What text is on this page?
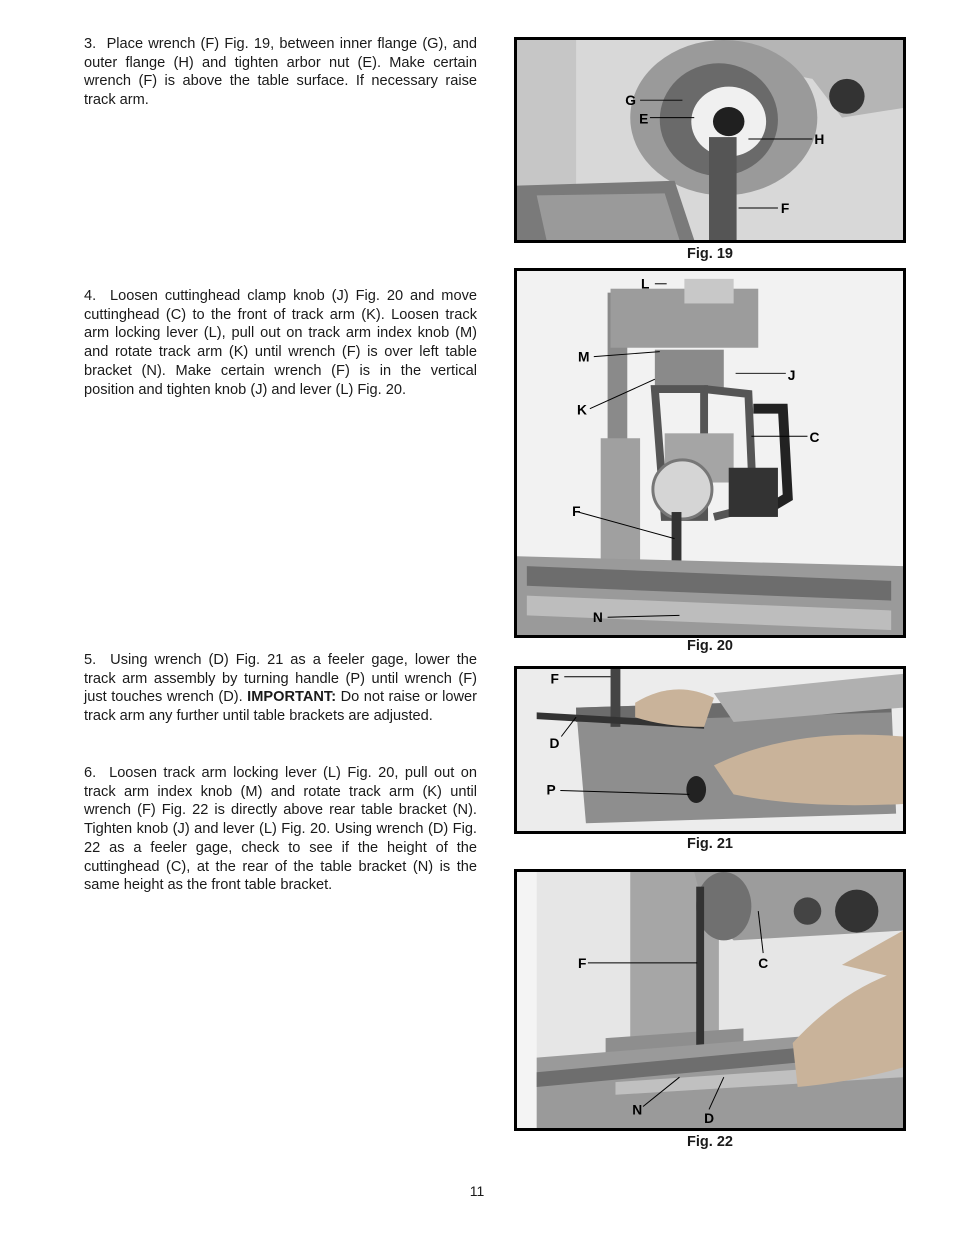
3.  Place wrench (F) Fig. 19, between inner flange (G), and outer flange (H) and tighten arbor nut (E). Make certain wrench (F) is above the table surface. If necessary raise track arm.

4.  Loosen cuttinghead clamp knob (J) Fig. 20 and move cuttinghead (C) to the front of track arm (K). Loosen track arm locking lever (L), pull out on track arm index knob (M) and rotate track arm (K) until wrench (F) is over left table bracket (N). Make certain wrench (F) is in the vertical position and tighten knob (J) and lever (L) Fig. 20.

5.  Using wrench (D) Fig. 21 as a feeler gage, lower the track arm assembly by turning handle (P) until wrench (F) just touches wrench (D). IMPORTANT: Do not raise or lower track arm any further until table brackets are adjusted.

6.  Loosen track arm locking lever (L) Fig. 20, pull out on track arm index knob (M) and rotate track arm (K) until wrench (F) Fig. 22 is directly above rear table bracket (N). Tighten knob (J) and lever (L) Fig. 20. Using wrench (D) Fig. 22 as a feeler gage, check to see if the height of the cuttinghead (C), at the rear of the table bracket (N) is the same height as the front table bracket.

G
E
H
F
Fig. 19
L
M
J
K
C
F
N
Fig. 20
F
D
P
Fig. 21
F	C
N
D
Fig. 22
11
